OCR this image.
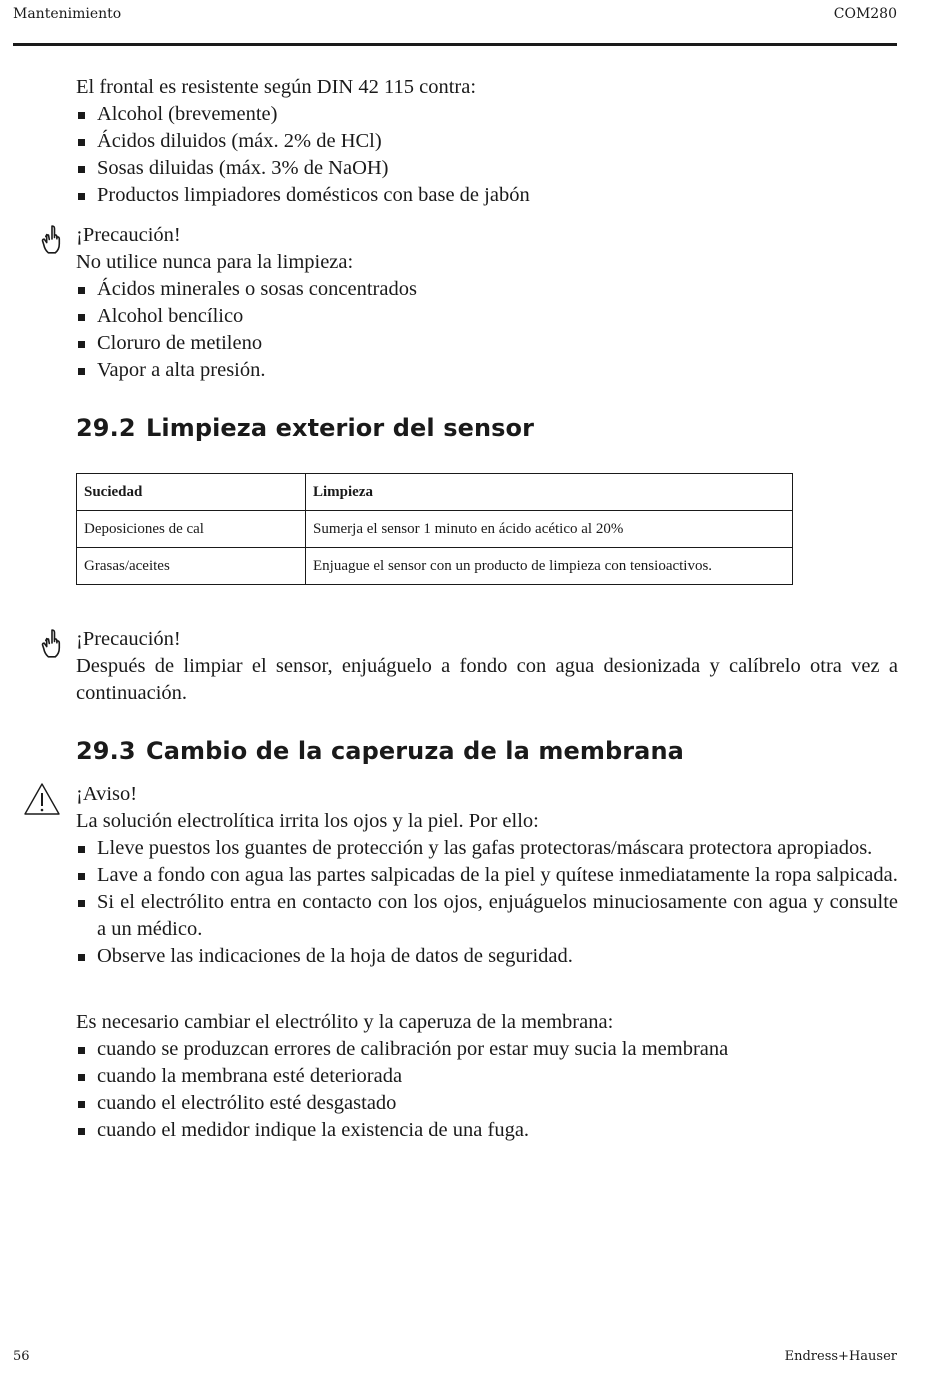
Mantenimiento	COM280

El frontal es resistente según DIN 42 115 contra:

Alcohol (brevemente)
Ácidos diluidos (máx. 2% de HCl)
Sosas diluidas (máx. 3% de NaOH)
Productos limpiadores domésticos con base de jabón

¡Precaución!

No utilice nunca para la limpieza:

Ácidos minerales o sosas concentrados
Alcohol bencílico
Cloruro de metileno
Vapor a alta presión.
29.2 Limpieza exterior del sensor
Suciedad	Limpieza
Deposiciones de cal	Sumerja el sensor 1 minuto en ácido acético al 20%
Grasas/aceites	Enjuague el sensor con un producto de limpieza con tensioactivos.

¡Precaución!

Después de limpiar el sensor, enjuáguelo a fondo con agua desionizada y calíbrelo otra vez a continuación.

29.3 Cambio de la caperuza de la membrana

¡Aviso!

La solución electrolítica irrita los ojos y la piel. Por ello:

Lleve puestos los guantes de protección y las gafas protectoras/máscara protectora apropiados.
Lave a fondo con agua las partes salpicadas de la piel y quítese inmediatamente la ropa salpicada.
Si el electrólito entra en contacto con los ojos, enjuáguelos minuciosamente con agua y consulte a un médico.
Observe las indicaciones de la hoja de datos de seguridad.

Es necesario cambiar el electrólito y la caperuza de la membrana:

cuando se produzcan errores de calibración por estar muy sucia la membrana
cuando la membrana esté deteriorada
cuando el electrólito esté desgastado
cuando el medidor indique la existencia de una fuga.
56	Endress+Hauser
